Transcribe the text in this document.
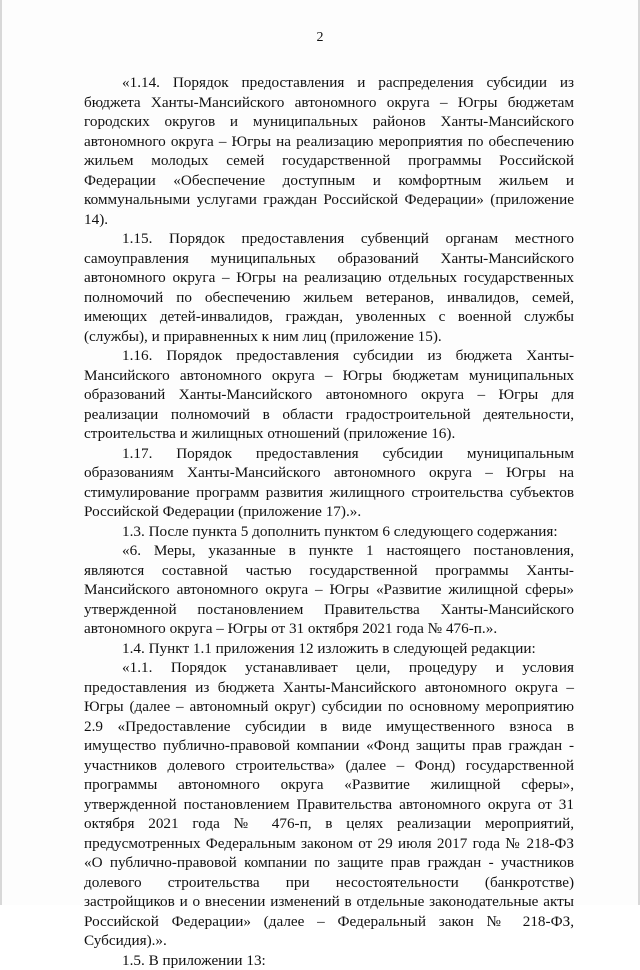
2

«1.14. Порядок предоставления и распределения субсидии из бюджета Ханты-Мансийского автономного округа – Югры бюджетам городских округов и муниципальных районов Ханты-Мансийского автономного округа – Югры на реализацию мероприятия по обеспечению жильем молодых семей государственной программы Российской Федерации «Обеспечение доступным и комфортным жильем и коммунальными услугами граждан Российской Федерации» (приложение 14).

1.15. Порядок предоставления субвенций органам местного самоуправления муниципальных образований Ханты-Мансийского автономного округа – Югры на реализацию отдельных государственных полномочий по обеспечению жильем ветеранов, инвалидов, семей, имеющих детей-инвалидов, граждан, уволенных с военной службы (службы), и приравненных к ним лиц (приложение 15).

1.16. Порядок предоставления субсидии из бюджета Ханты-Мансийского автономного округа – Югры бюджетам муниципальных образований Ханты-Мансийского автономного округа – Югры для реализации полномочий в области градостроительной деятельности, строительства и жилищных отношений (приложение 16).

1.17. Порядок предоставления субсидии муниципальным образованиям Ханты-Мансийского автономного округа – Югры на стимулирование программ развития жилищного строительства субъектов Российской Федерации (приложение 17).».

1.3. После пункта 5 дополнить пунктом 6 следующего содержания:

«6. Меры, указанные в пункте 1 настоящего постановления, являются составной частью государственной программы Ханты-Мансийского автономного округа – Югры «Развитие жилищной сферы» утвержденной постановлением Правительства Ханты-Мансийского автономного округа – Югры от 31 октября 2021 года № 476-п.».

1.4. Пункт 1.1 приложения 12 изложить в следующей редакции:

«1.1. Порядок устанавливает цели, процедуру и условия предоставления из бюджета Ханты-Мансийского автономного округа – Югры (далее – автономный округ) субсидии по основному мероприятию 2.9 «Предоставление субсидии в виде имущественного взноса в имущество публично-правовой компании «Фонд защиты прав граждан - участников долевого строительства» (далее – Фонд) государственной программы автономного округа «Развитие жилищной сферы», утвержденной постановлением Правительства автономного округа от 31 октября 2021 года № 476-п, в целях реализации мероприятий, предусмотренных Федеральным законом от 29 июля 2017 года № 218-ФЗ «О публично-правовой компании по защите прав граждан - участников долевого строительства при несостоятельности (банкротстве) застройщиков и о внесении изменений в отдельные законодательные акты Российской Федерации» (далее – Федеральный закон № 218-ФЗ, Субсидия).».

1.5. В приложении 13:
